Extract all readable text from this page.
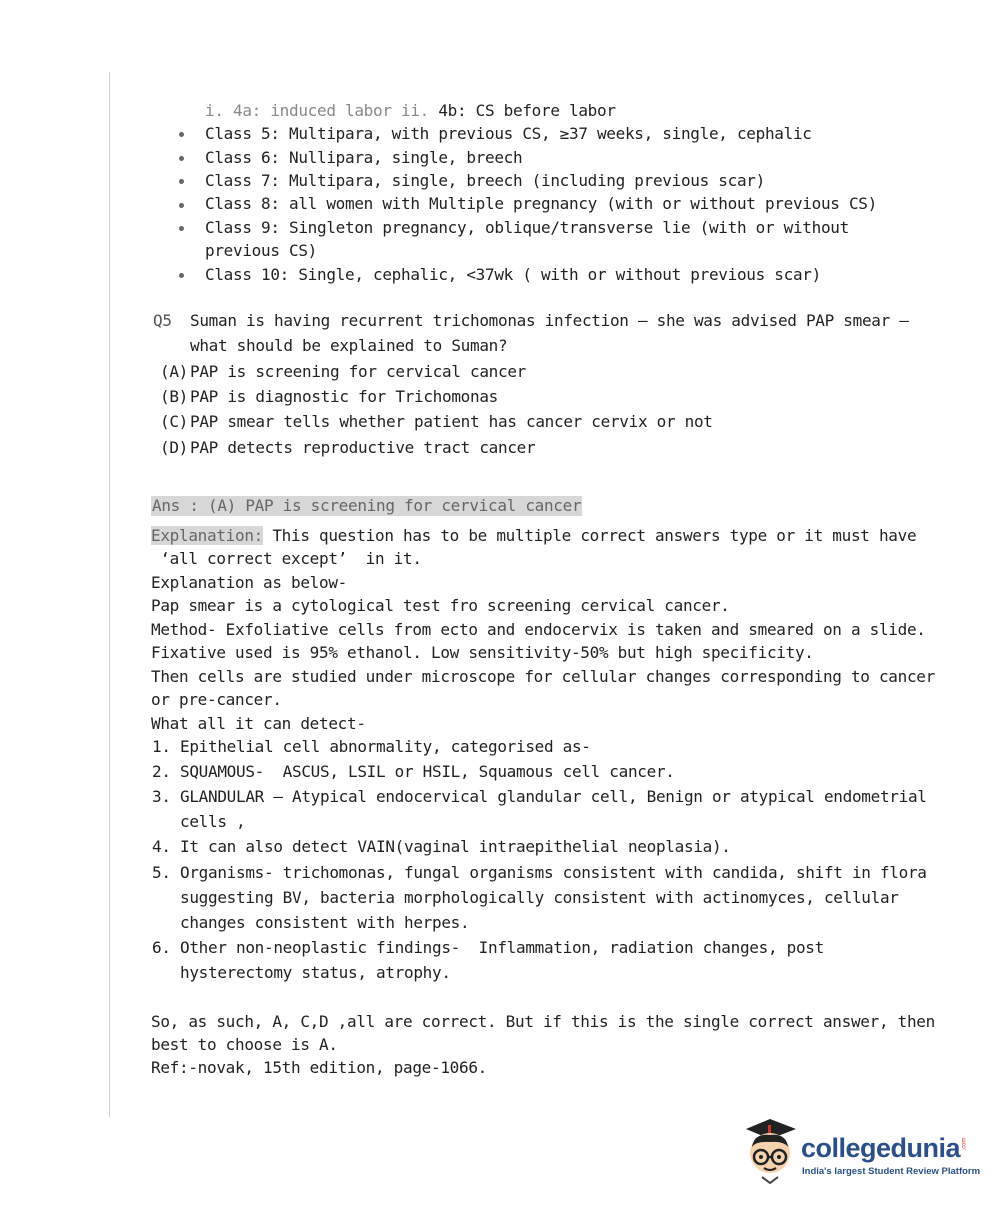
i. 4a: induced labor ii. 4b: CS before labor
Class 5: Multipara, with previous CS, ≥37 weeks, single, cephalic
Class 6: Nullipara, single, breech
Class 7: Multipara, single, breech (including previous scar)
Class 8: all women with Multiple pregnancy (with or without previous CS)
Class 9: Singleton pregnancy, oblique/transverse lie (with or without
previous CS)
Class 10: Single, cephalic, <37wk ( with or without previous scar)
Q5 Suman is having recurrent trichomonas infection – she was advised PAP smear –
what should be explained to Suman?
(A) PAP is screening for cervical cancer
(B) PAP is diagnostic for Trichomonas
(C) PAP smear tells whether patient has cancer cervix or not
(D) PAP detects reproductive tract cancer
Ans : (A) PAP is screening for cervical cancer
Explanation: This question has to be multiple correct answers type or it must have
‘all correct except’  in it.
Explanation as below-
Pap smear is a cytological test fro screening cervical cancer.
Method- Exfoliative cells from ecto and endocervix is taken and smeared on a slide.
Fixative used is 95% ethanol. Low sensitivity-50% but high specificity.
Then cells are studied under microscope for cellular changes corresponding to cancer
or pre-cancer.
What all it can detect-
1. Epithelial cell abnormality, categorised as-
2. SQUAMOUS-  ASCUS, LSIL or HSIL, Squamous cell cancer.
3. GLANDULAR – Atypical endocervical glandular cell, Benign or atypical endometrial
cells ,
4. It can also detect VAIN(vaginal intraepithelial neoplasia).
5. Organisms- trichomonas, fungal organisms consistent with candida, shift in flora
suggesting BV, bacteria morphologically consistent with actinomyces, cellular
changes consistent with herpes.
6. Other non-neoplastic findings-  Inflammation, radiation changes, post
hysterectomy status, atrophy.
So, as such, A, C,D ,all are correct. But if this is the single correct answer, then
best to choose is A.
Ref:-novak, 15th edition, page-1066.
collegedunia .com
India's largest Student Review Platform
